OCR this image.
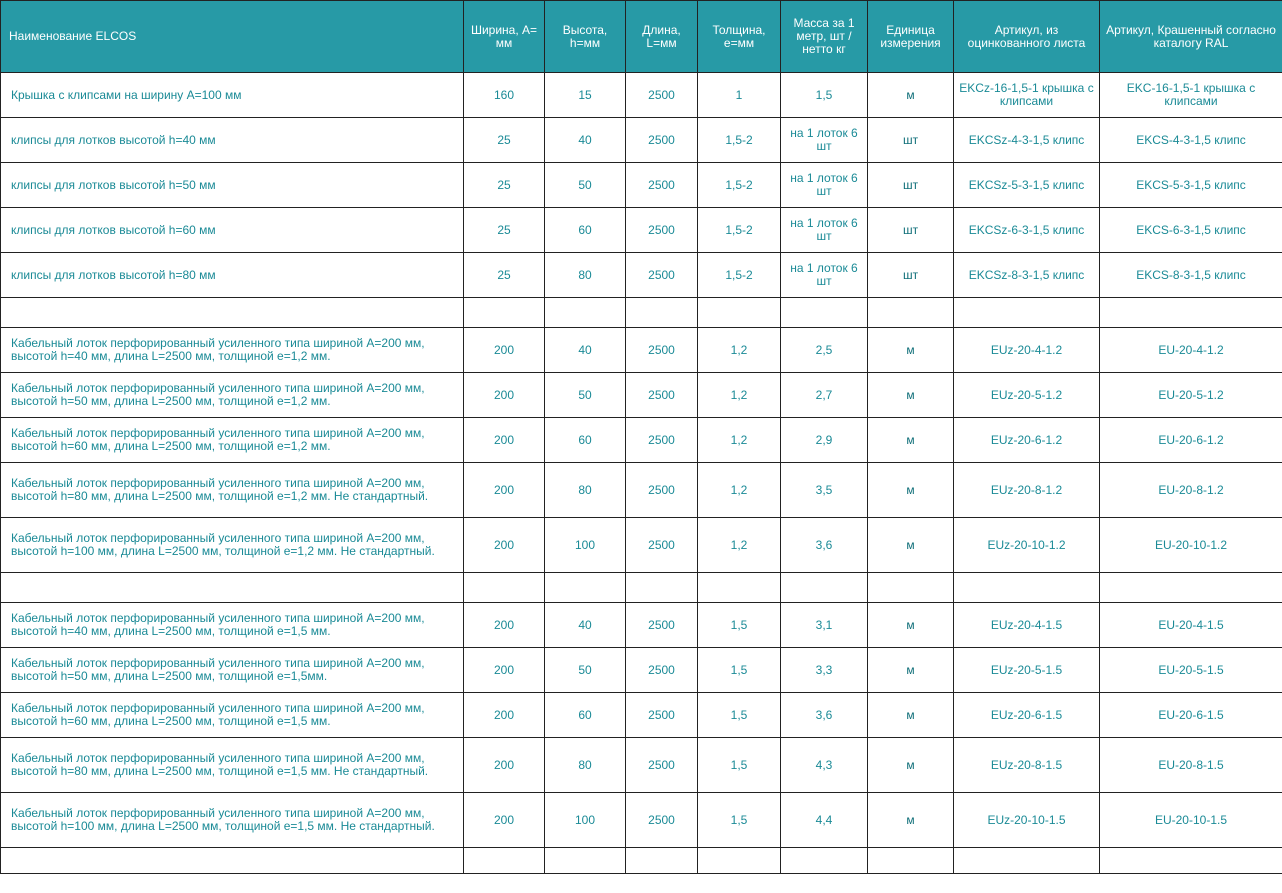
Наименование ELCOS	Ширина, A= мм	Высота, h=мм	Длина, L=мм	Толщина, e=мм	Масса за 1 метр, шт / нетто кг	Единица измерения	Артикул, из оцинкованного листа	Артикул, Крашенный согласно каталогу RAL
Крышка с клипсами на ширину А=100 мм	160	15	2500	1	1,5	м	EKCz-16-1,5-1 крышка с клипсами	EKC-16-1,5-1 крышка с клипсами
клипсы для лотков высотой h=40 мм	25	40	2500	1,5-2	на 1 лоток 6 шт	шт	EKCSz-4-3-1,5 клипс	EKCS-4-3-1,5 клипс
клипсы для лотков высотой h=50 мм	25	50	2500	1,5-2	на 1 лоток 6 шт	шт	EKCSz-5-3-1,5 клипс	EKCS-5-3-1,5 клипс
клипсы для лотков высотой h=60 мм	25	60	2500	1,5-2	на 1 лоток 6 шт	шт	EKCSz-6-3-1,5 клипс	EKCS-6-3-1,5 клипс
клипсы для лотков высотой h=80 мм	25	80	2500	1,5-2	на 1 лоток 6 шт	шт	EKCSz-8-3-1,5 клипс	EKCS-8-3-1,5 клипс

Кабельный лоток перфорированный усиленного типа шириной А=200 мм, высотой h=40 мм, длина L=2500 мм, толщиной е=1,2 мм.	200	40	2500	1,2	2,5	м	EUz-20-4-1.2	EU-20-4-1.2
Кабельный лоток перфорированный усиленного типа шириной А=200 мм, высотой h=50 мм, длина L=2500 мм, толщиной е=1,2 мм.	200	50	2500	1,2	2,7	м	EUz-20-5-1.2	EU-20-5-1.2
Кабельный лоток перфорированный усиленного типа шириной А=200 мм, высотой h=60 мм, длина L=2500 мм, толщиной е=1,2 мм.	200	60	2500	1,2	2,9	м	EUz-20-6-1.2	EU-20-6-1.2
Кабельный лоток перфорированный усиленного типа шириной А=200 мм, высотой h=80 мм, длина L=2500 мм, толщиной е=1,2 мм. Не стандартный.	200	80	2500	1,2	3,5	м	EUz-20-8-1.2	EU-20-8-1.2
Кабельный лоток перфорированный усиленного типа шириной А=200 мм, высотой h=100 мм, длина L=2500 мм, толщиной е=1,2 мм. Не стандартный.	200	100	2500	1,2	3,6	м	EUz-20-10-1.2	EU-20-10-1.2

Кабельный лоток перфорированный усиленного типа шириной А=200 мм, высотой h=40 мм, длина L=2500 мм, толщиной е=1,5 мм.	200	40	2500	1,5	3,1	м	EUz-20-4-1.5	EU-20-4-1.5
Кабельный лоток перфорированный усиленного типа шириной А=200 мм, высотой h=50 мм, длина L=2500 мм, толщиной е=1,5мм.	200	50	2500	1,5	3,3	м	EUz-20-5-1.5	EU-20-5-1.5
Кабельный лоток перфорированный усиленного типа шириной А=200 мм, высотой h=60 мм, длина L=2500 мм, толщиной е=1,5 мм.	200	60	2500	1,5	3,6	м	EUz-20-6-1.5	EU-20-6-1.5
Кабельный лоток перфорированный усиленного типа шириной А=200 мм, высотой h=80 мм, длина L=2500 мм, толщиной е=1,5 мм. Не стандартный.	200	80	2500	1,5	4,3	м	EUz-20-8-1.5	EU-20-8-1.5
Кабельный лоток перфорированный усиленного типа шириной А=200 мм, высотой h=100 мм, длина L=2500 мм, толщиной е=1,5 мм. Не стандартный.	200	100	2500	1,5	4,4	м	EUz-20-10-1.5	EU-20-10-1.5
